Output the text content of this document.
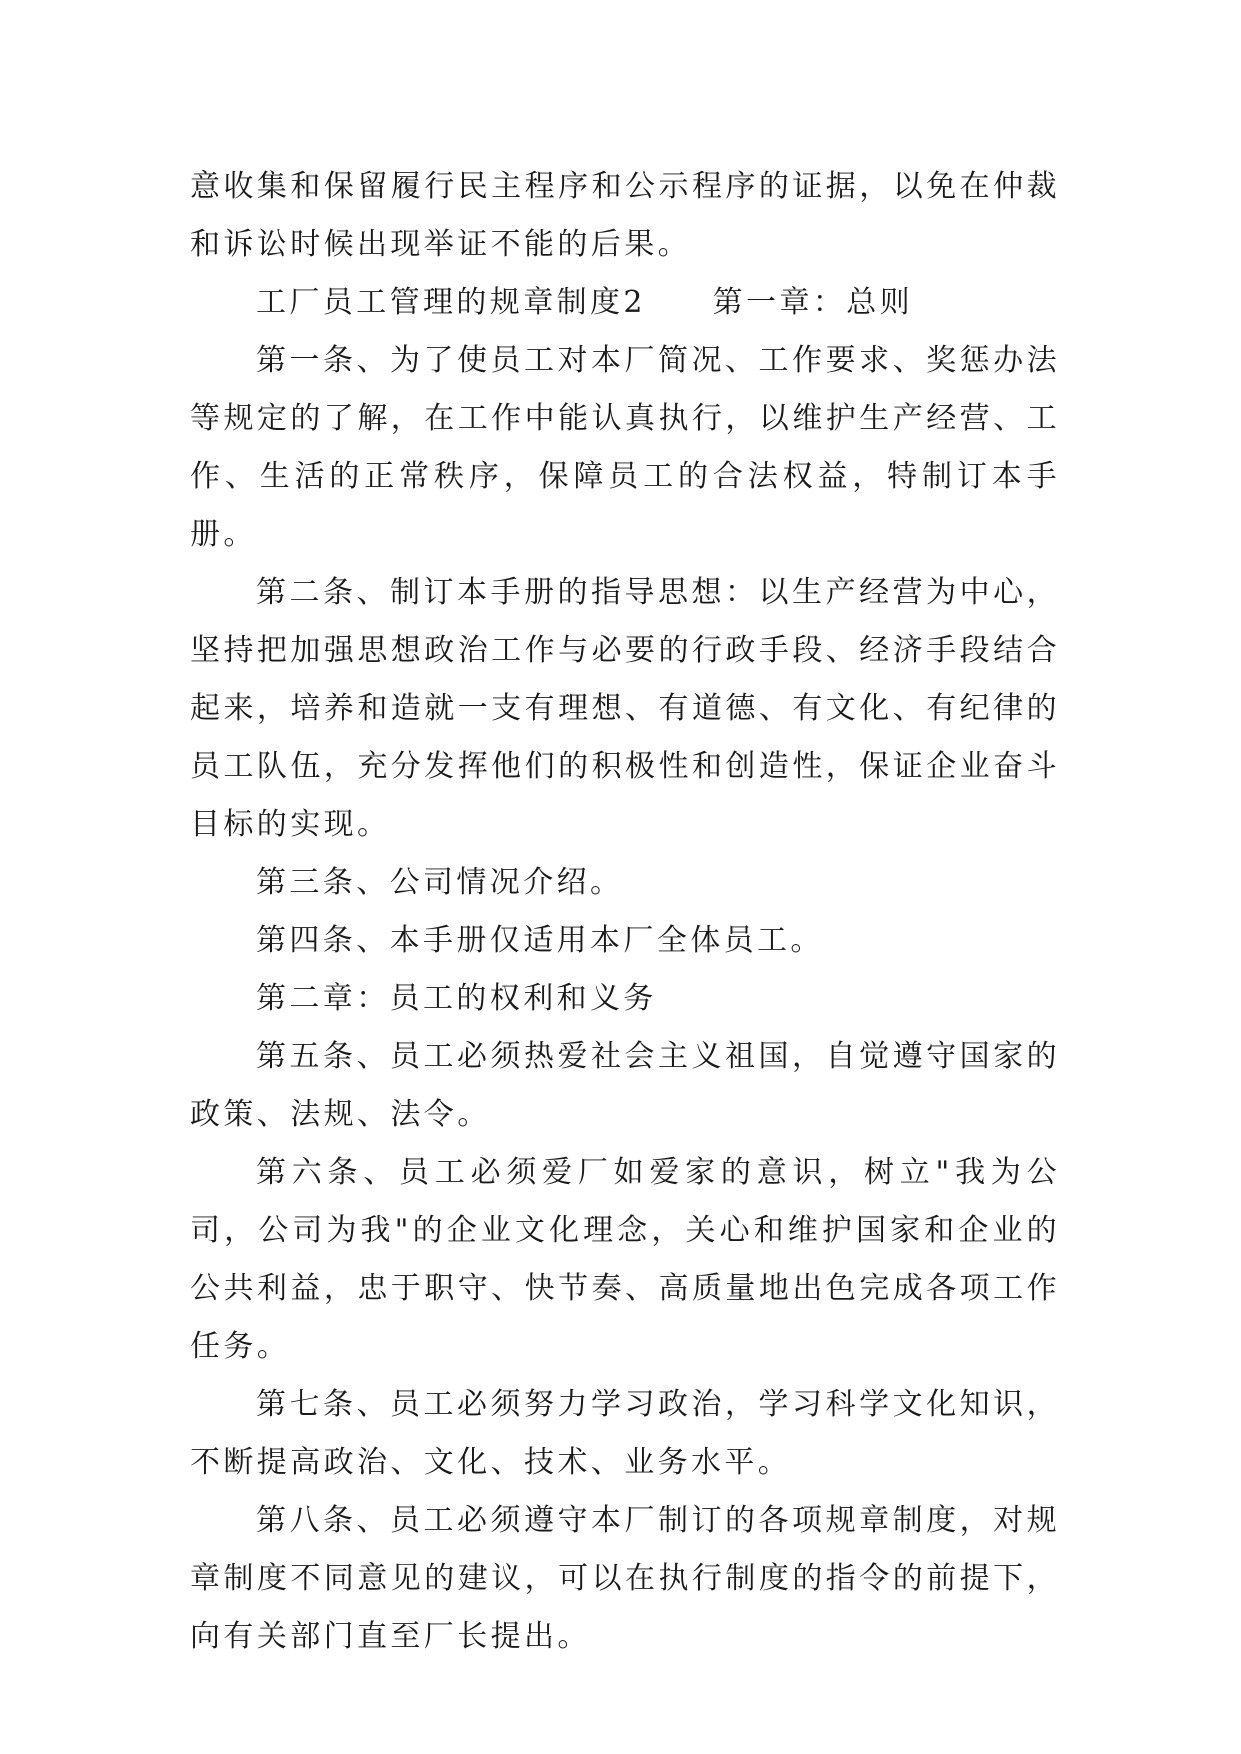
意收集和保留履行民主程序和公示程序的证据，以免在仲裁和诉讼时候出现举证不能的后果。

工厂员工管理的规章制度2　　第一章：总则

第一条、为了使员工对本厂简况、工作要求、奖惩办法等规定的了解，在工作中能认真执行，以维护生产经营、工作、生活的正常秩序，保障员工的合法权益，特制订本手册。

第二条、制订本手册的指导思想：以生产经营为中心，坚持把加强思想政治工作与必要的行政手段、经济手段结合起来，培养和造就一支有理想、有道德、有文化、有纪律的员工队伍，充分发挥他们的积极性和创造性，保证企业奋斗目标的实现。

第三条、公司情况介绍。

第四条、本手册仅适用本厂全体员工。

第二章：员工的权利和义务

第五条、员工必须热爱社会主义祖国，自觉遵守国家的政策、法规、法令。

第六条、员工必须爱厂如爱家的意识，树立"我为公司，公司为我"的企业文化理念，关心和维护国家和企业的公共利益，忠于职守、快节奏、高质量地出色完成各项工作任务。

第七条、员工必须努力学习政治，学习科学文化知识，不断提高政治、文化、技术、业务水平。

第八条、员工必须遵守本厂制订的各项规章制度，对规章制度不同意见的建议，可以在执行制度的指令的前提下，向有关部门直至厂长提出。
